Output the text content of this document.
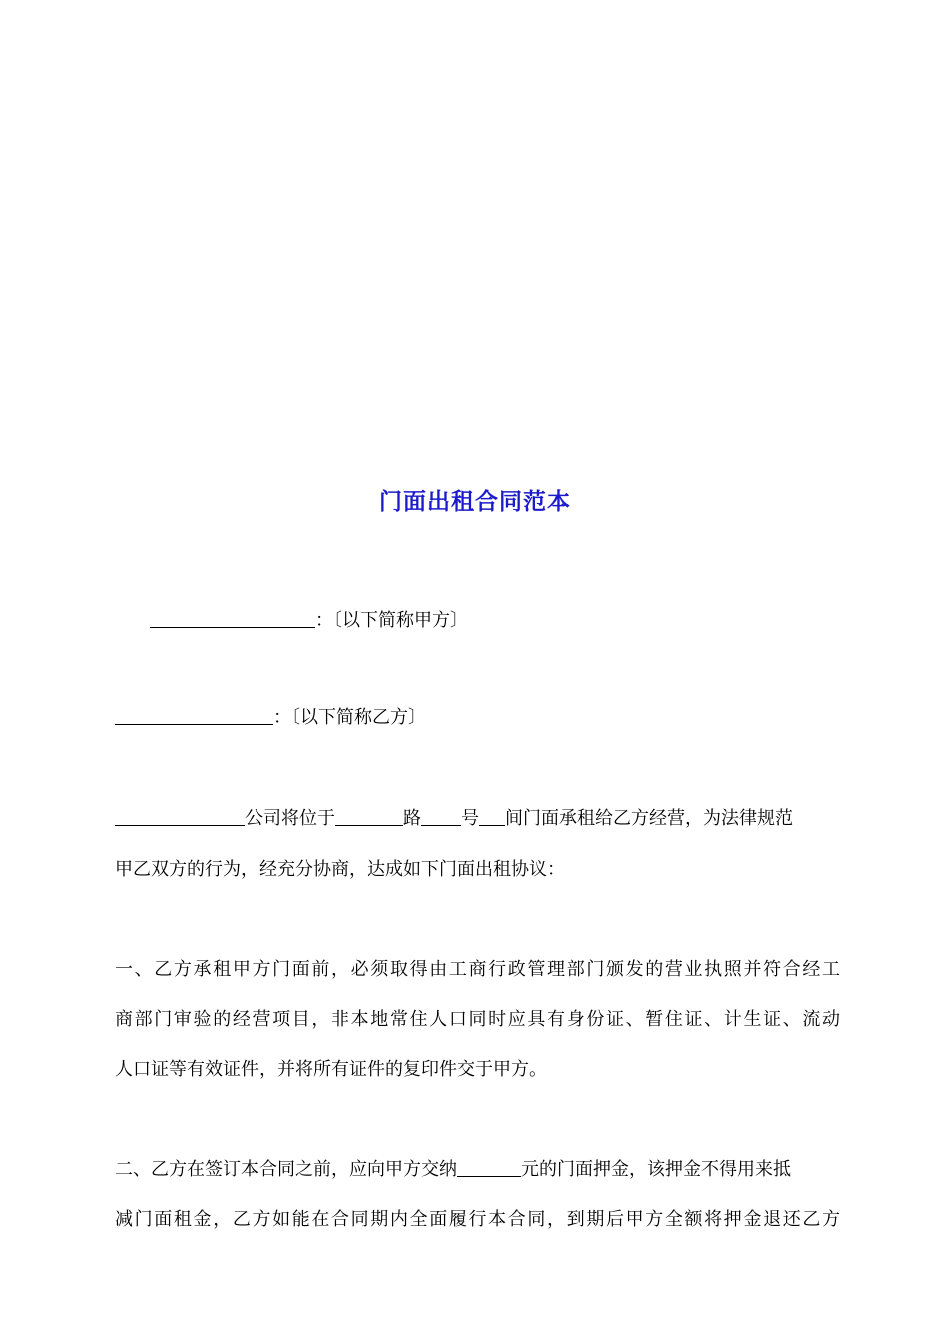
门面出租合同范本
：〔以下简称甲方〕
：〔以下简称乙方〕
公司将位于	路 号 间门面承租给乙方经营，为法律规范
甲乙双方的行为，经充分协商，达成如下门面出租协议：
一、乙方承租甲方门面前，必须取得由工商行政管理部门颁发的营业执照并符合经工
商部门审验的经营项目，非本地常住人口同时应具有身份证、暂住证、计生证、流动
人口证等有效证件，并将所有证件的复印件交于甲方。
二、乙方在签订本合同之前，应向甲方交纳	元的门面押金，该押金不得用来抵
减门面租金，乙方如能在合同期内全面履行本合同，到期后甲方全额将押金退还乙方
